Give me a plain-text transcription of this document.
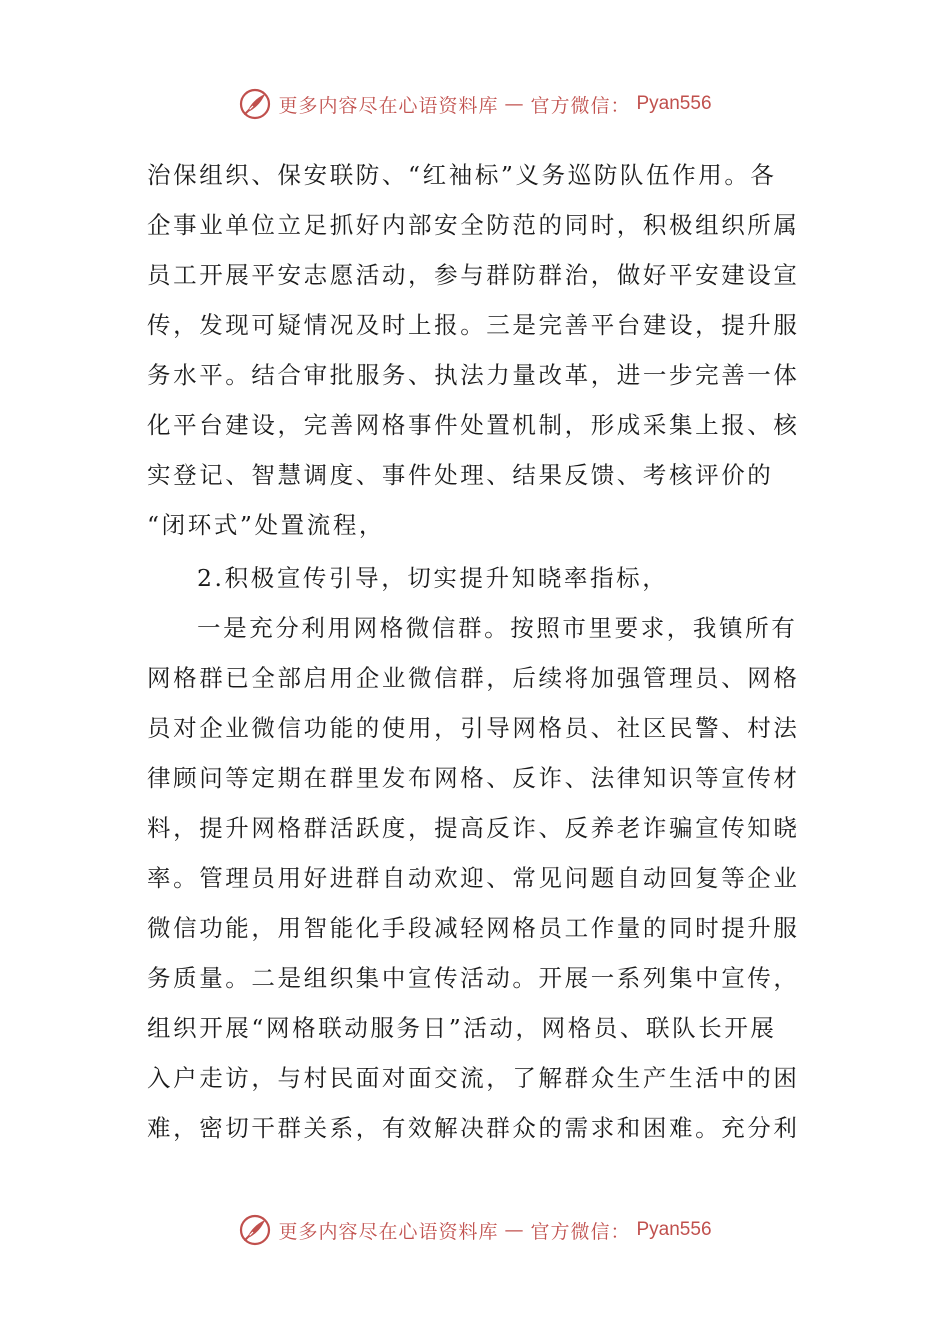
更多内容尽在心语资料库 — 官方微信： Pyan556
治保组织、保安联防、“红袖标”义务巡防队伍作用。各
企事业单位立足抓好内部安全防范的同时，积极组织所属
员工开展平安志愿活动，参与群防群治，做好平安建设宣
传，发现可疑情况及时上报。三是完善平台建设，提升服
务水平。结合审批服务、执法力量改革，进一步完善一体
化平台建设，完善网格事件处置机制，形成采集上报、核
实登记、智慧调度、事件处理、结果反馈、考核评价的
“闭环式”处置流程，
2.积极宣传引导，切实提升知晓率指标，
一是充分利用网格微信群。按照市里要求，我镇所有
网格群已全部启用企业微信群，后续将加强管理员、网格
员对企业微信功能的使用，引导网格员、社区民警、村法
律顾问等定期在群里发布网格、反诈、法律知识等宣传材
料，提升网格群活跃度，提高反诈、反养老诈骗宣传知晓
率。管理员用好进群自动欢迎、常见问题自动回复等企业
微信功能，用智能化手段减轻网格员工作量的同时提升服
务质量。二是组织集中宣传活动。开展一系列集中宣传，
组织开展“网格联动服务日”活动，网格员、联队长开展
入户走访，与村民面对面交流，了解群众生产生活中的困
难，密切干群关系，有效解决群众的需求和困难。充分利
更多内容尽在心语资料库 — 官方微信： Pyan556
